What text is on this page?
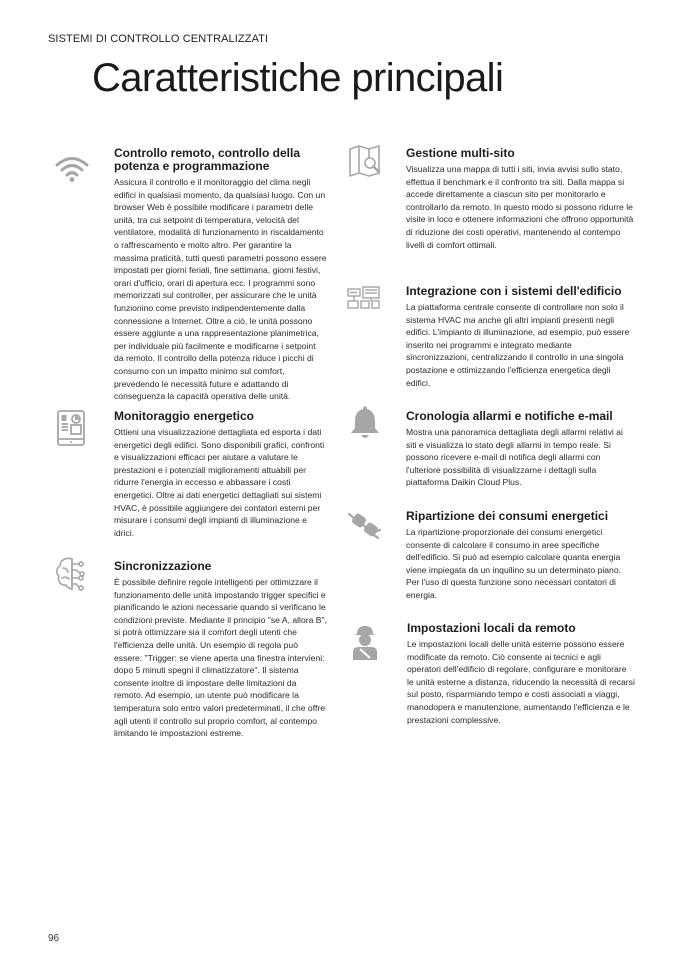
SISTEMI DI CONTROLLO CENTRALIZZATI
Caratteristiche principali
Controllo remoto, controllo della potenza e programmazione

Assicura il controllo e il monitoraggio del clima negli edifici in qualsiasi momento, da qualsiasi luogo. Con un browser Web è possibile modificare i parametri delle unità, tra cui setpoint di temperatura, velocità del ventilatore, modalità di funzionamento in riscaldamento o raffrescamento e molto altro. Per garantire la massima praticità, tutti questi parametri possono essere impostati per giorni feriali, fine settimana, giorni festivi, orari d'ufficio, orari di apertura ecc. I programmi sono memorizzati sul controller, per assicurare che le unità funzionino come previsto indipendentemente dalla connessione a Internet. Oltre a ciò, le unità possono essere aggiunte a una rappresentazione planimetrica, per individuale più facilmente e modificarne i setpoint da remoto. Il controllo della potenza riduce i picchi di consumo con un impatto minimo sul comfort, prevedendo le necessità future e adattando di conseguenza la capacità operativa delle unità.

Monitoraggio energetico

Ottieni una visualizzazione dettagliata ed esporta i dati energetici degli edifici. Sono disponibili grafici, confronti e visualizzazioni efficaci per aiutare a valutare le prestazioni e i potenziali miglioramenti attuabili per ridurre l'energia in eccesso e abbassare i costi energetici. Oltre ai dati energetici dettagliati sui sistemi HVAC, è possibile aggiungere dei contatori esterni per misurare i consumi degli impianti di illuminazione e idrici.

Sincronizzazione

È possibile definire regole intelligenti per ottimizzare il funzionamento delle unità impostando trigger specifici e pianificando le azioni necessarie quando si verificano le condizioni previste. Mediante il principio "se A, allora B", si potrà ottimizzare sia il comfort degli utenti che l'efficienza delle unità. Un esempio di regola può essere: "Trigger: se viene aperta una finestra intervieni: dopo 5 minuti spegni il climatizzatore". Il sistema consente inoltre di impostare delle limitazioni da remoto. Ad esempio, un utente può modificare la temperatura solo entro valori predeterminati, il che offre agli utenti il controllo sul proprio comfort, al contempo limitando le impostazioni estreme.

Gestione multi-sito

Visualizza una mappa di tutti i siti, invia avvisi sullo stato, effettua il benchmark e il confronto tra siti. Dalla mappa si accede direttamente a ciascun sito per monitorarlo e controllarlo da remoto. In questo modo si possono ridurre le visite in loco e ottenere informazioni che offrono opportunità di riduzione dei costi operativi, mantenendo al contempo livelli di comfort ottimali.

Integrazione con i sistemi dell'edificio

La piattaforma centrale consente di controllare non solo il sistema HVAC ma anche gli altri impianti presenti negli edifici. L'impianto di illuminazione, ad esempio, può essere inserito nei programmi e integrato mediante sincronizzazioni, centralizzando il controllo in una singola postazione e ottimizzando l'efficienza energetica degli edifici.

Cronologia allarmi e notifiche e-mail

Mostra una panoramica dettagliata degli allarmi relativi ai siti e visualizza lo stato degli allarmi in tempo reale. Si possono ricevere e-mail di notifica degli allarmi con l'ulteriore possibilità di visualizzarne i dettagli sulla piattaforma Daikin Cloud Plus.

Ripartizione dei consumi energetici

La ripartizione proporzionale dei consumi energetici consente di calcolare il consumo in aree specifiche dell'edificio. Si può ad esempio calcolare quanta energia viene impiegata da un inquilino su un determinato piano. Per l'uso di questa funzione sono necessari contatori di energia.

Impostazioni locali da remoto

Le impostazioni locali delle unità esterne possono essere modificate da remoto. Ciò consente ai tecnici e agli operatori dell'edificio di regolare, configurare e monitorare le unità esterne a distanza, riducendo la necessità di recarsi sul posto, risparmiando tempo e costi associati a viaggi, manodopera e manutenzione, aumentando l'efficienza e le prestazioni complessive.

96
